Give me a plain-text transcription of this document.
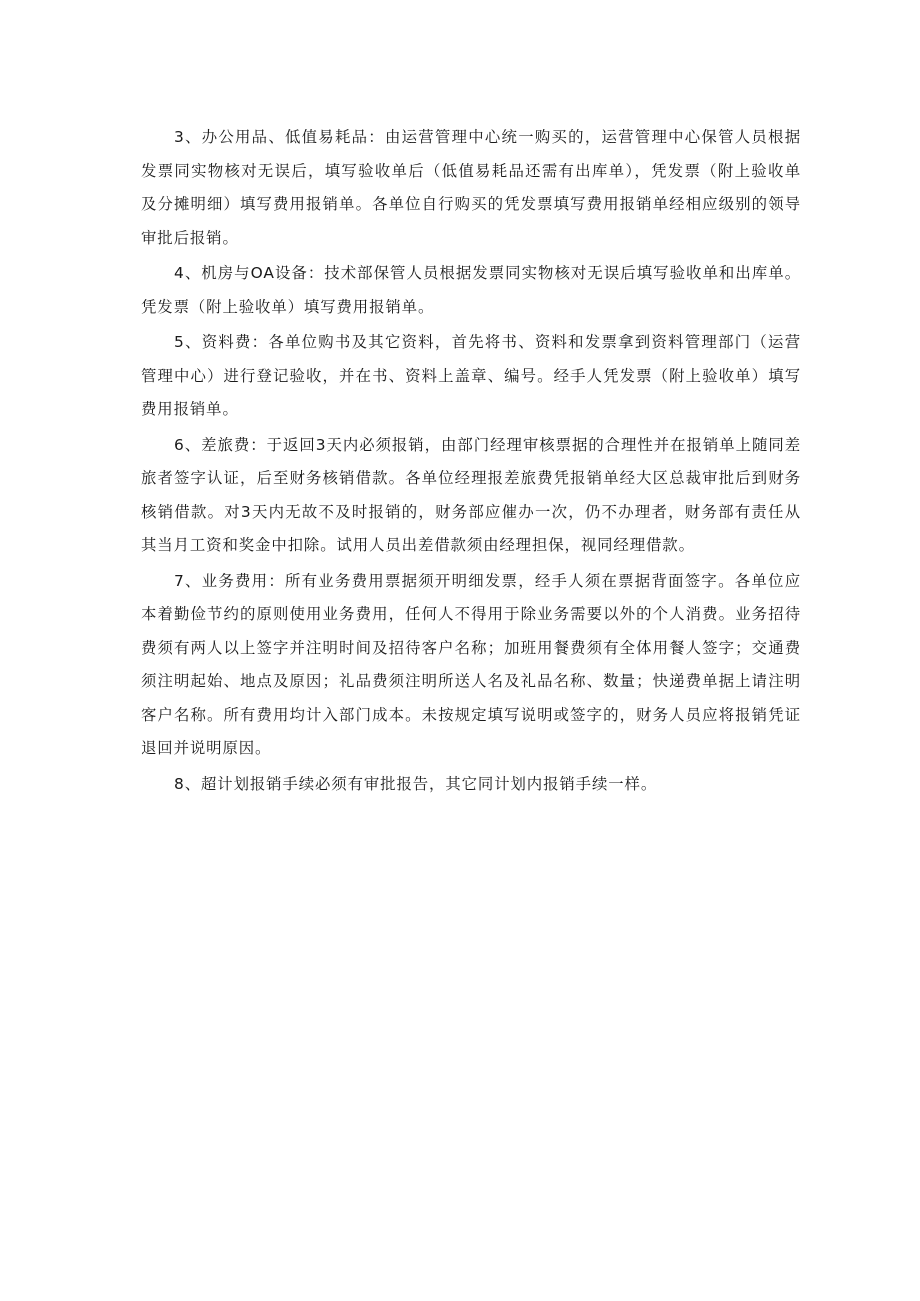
3、办公用品、低值易耗品：由运营管理中心统一购买的，运营管理中心保管人员根据发票同实物核对无误后，填写验收单后（低值易耗品还需有出库单），凭发票（附上验收单及分摊明细）填写费用报销单。各单位自行购买的凭发票填写费用报销单经相应级别的领导审批后报销。

4、机房与OA设备：技术部保管人员根据发票同实物核对无误后填写验收单和出库单。凭发票（附上验收单）填写费用报销单。

5、资料费：各单位购书及其它资料，首先将书、资料和发票拿到资料管理部门（运营管理中心）进行登记验收，并在书、资料上盖章、编号。经手人凭发票（附上验收单）填写费用报销单。

6、差旅费：于返回3天内必须报销，由部门经理审核票据的合理性并在报销单上随同差旅者签字认证，后至财务核销借款。各单位经理报差旅费凭报销单经大区总裁审批后到财务核销借款。对3天内无故不及时报销的，财务部应催办一次，仍不办理者，财务部有责任从其当月工资和奖金中扣除。试用人员出差借款须由经理担保，视同经理借款。

7、业务费用：所有业务费用票据须开明细发票，经手人须在票据背面签字。各单位应本着勤俭节约的原则使用业务费用，任何人不得用于除业务需要以外的个人消费。业务招待费须有两人以上签字并注明时间及招待客户名称；加班用餐费须有全体用餐人签字；交通费须注明起始、地点及原因；礼品费须注明所送人名及礼品名称、数量；快递费单据上请注明客户名称。所有费用均计入部门成本。未按规定填写说明或签字的，财务人员应将报销凭证退回并说明原因。

8、超计划报销手续必须有审批报告，其它同计划内报销手续一样。
